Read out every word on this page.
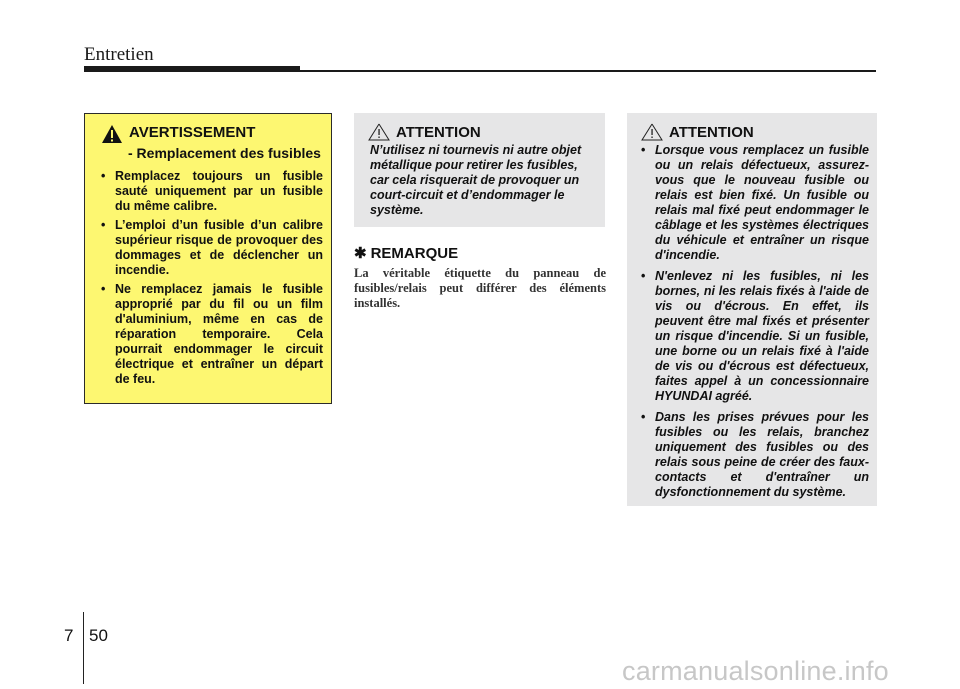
Entretien
AVERTISSEMENT
- Remplacement des fusibles
• Remplacez toujours un fusible sauté uniquement par un fusible du même calibre.
• L’emploi d’un fusible d’un calibre supérieur risque de provoquer des dommages et de déclencher un incendie.
• Ne remplacez jamais le fusible approprié par du fil ou un film d'aluminium, même en cas de réparation temporaire. Cela pourrait endommager le circuit électrique et entraîner un départ de feu.
ATTENTION
N’utilisez ni tournevis ni autre objet métallique pour retirer les fusibles, car cela risquerait de provoquer un court-circuit et d’endommager le système.
✱ REMARQUE
La véritable étiquette du panneau de fusibles/relais peut différer des éléments installés.
ATTENTION
• Lorsque vous remplacez un fusible ou un relais défectueux, assurez-vous que le nouveau fusible ou relais est bien fixé. Un fusible ou relais mal fixé peut endommager le câblage et les systèmes électriques du véhicule et entraîner un risque d'incendie.
• N'enlevez ni les fusibles, ni les bornes, ni les relais fixés à l'aide de vis ou d'écrous. En effet, ils peuvent être mal fixés et présenter un risque d'incendie. Si un fusible, une borne ou un relais fixé à l'aide de vis ou d'écrous est défectueux, faites appel à un concessionnaire HYUNDAI agréé.
• Dans les prises prévues pour les fusibles ou les relais, branchez uniquement des fusibles ou des relais sous peine de créer des faux-contacts et d'entraîner un dysfonctionnement du système.
7 50
carmanualsonline.info
